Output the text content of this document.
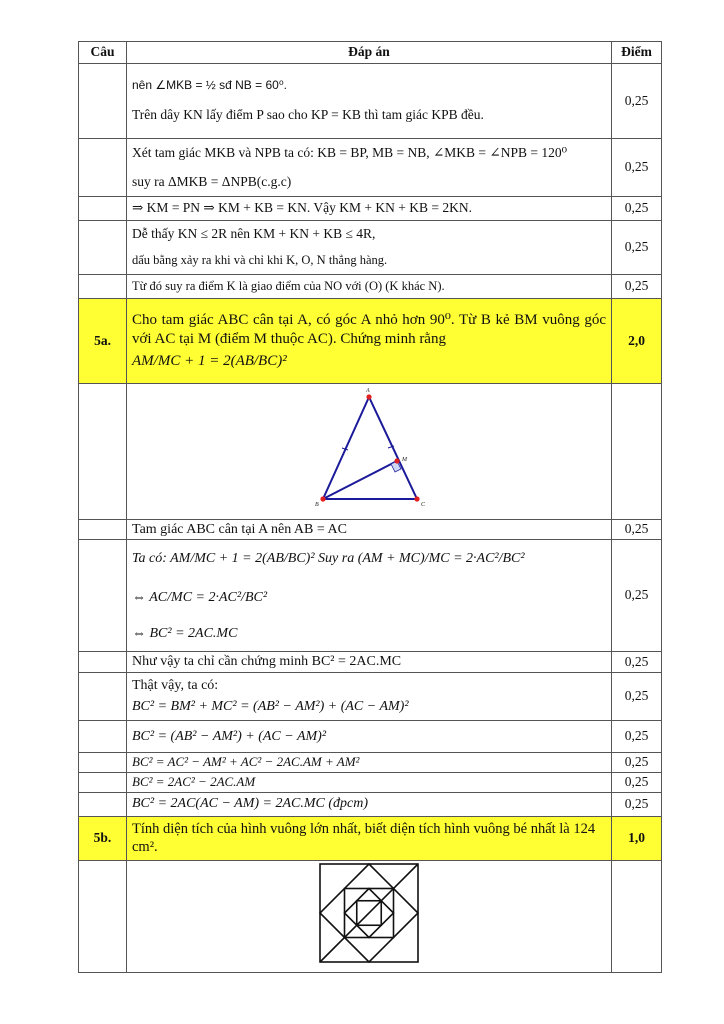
Câu	Đáp án	Điểm

	nên ∠MKB = ½ sđ NB = 60⁰.
Trên dây KN lấy điểm P sao cho KP = KB thì tam giác KPB đều.	0,25

	Xét tam giác MKB và NPB ta có: KB = BP, MB = NB, ∠MKB = ∠NPB = 120⁰
suy ra ΔMKB = ΔNPB(c.g.c)	0,25
	⇒ KM = PN ⇒ KM + KB = KN. Vậy KM + KN + KB = 2KN.	0,25

	Dễ thấy KN ≤ 2R nên KM + KN + KB ≤ 4R,
dấu bằng xảy ra khi và chỉ khi K, O, N thẳng hàng.	0,25
	Từ đó suy ra điểm K là giao điểm của NO với (O) (K khác N).	0,25
5a.	Cho tam giác ABC cân tại A, có góc A nhỏ hơn 90⁰. Từ B kẻ BM vuông góc với AC tại M (điểm M thuộc AC). Chứng minh rằng
AM/MC + 1 = 2(AB/BC)²	2,0

A
B C
M	

	Tam giác ABC cân tại A nên AB = AC	0,25

	Ta có: AM/MC + 1 = 2(AB/BC)² Suy ra (AM + MC)/MC = 2·AC²/BC²
⇔ AC/MC = 2·AC²/BC²
⇔ BC² = 2AC.MC	0,25
	Như vậy ta chỉ cần chứng minh BC² = 2AC.MC	0,25

	Thật vậy, ta có:
BC² = BM² + MC² = (AB² − AM²) + (AC − AM)²	0,25
	BC² = (AB² − AM²) + (AC − AM)²	0,25
	BC² = AC² − AM² + AC² − 2AC.AM + AM²	0,25
	BC² = 2AC² − 2AC.AM	0,25
	BC² = 2AC(AC − AM) = 2AC.MC (đpcm)	0,25
5b.	Tính diện tích của hình vuông lớn nhất, biết diện tích hình vuông bé nhất là 124 cm².	1,0
